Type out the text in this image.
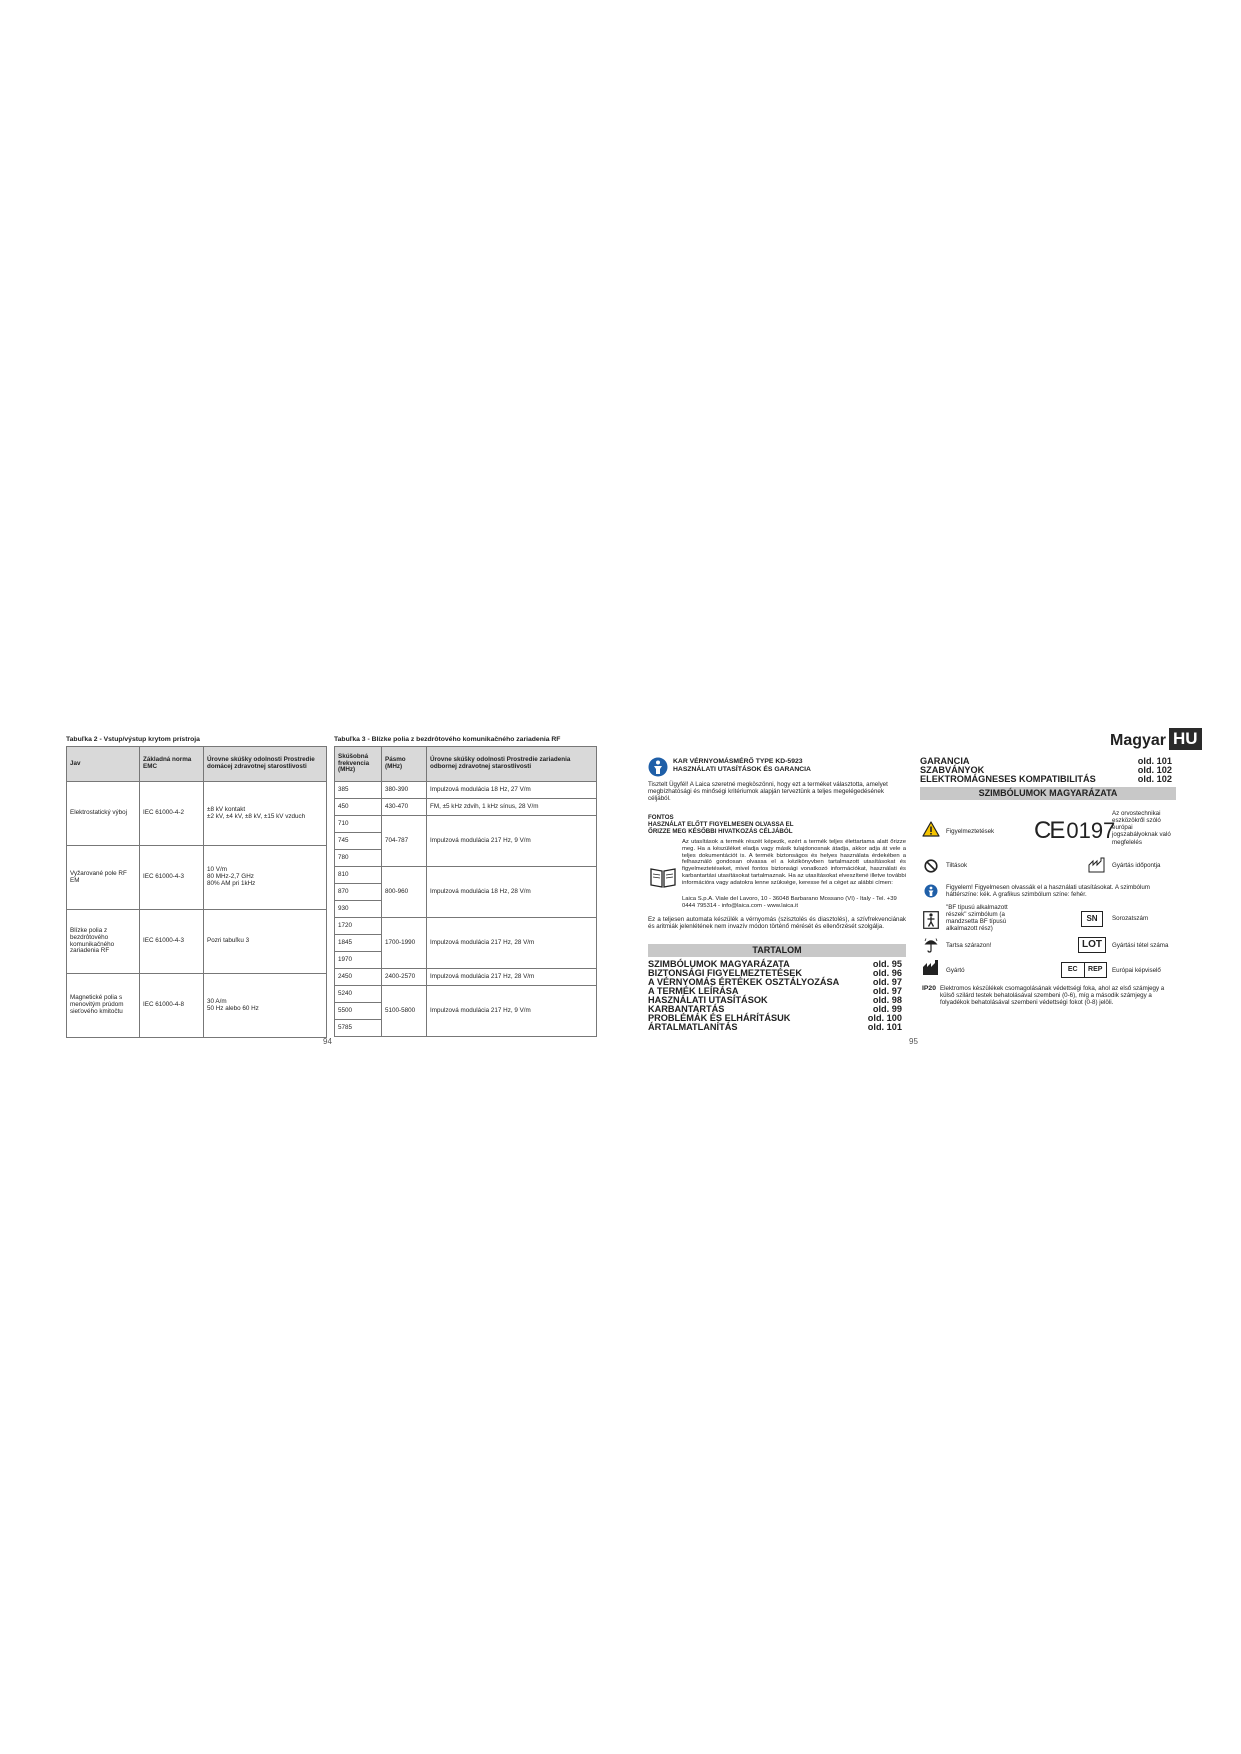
Tabuľka 2 - Vstup/výstup krytom prístroja
Jav	Základná norma EMC	Úrovne skúšky odolnosti Prostredie domácej zdravotnej starostlivosti
Elektrostatický výboj	IEC 61000-4-2	±8 kV kontakt
±2 kV, ±4 kV, ±8 kV, ±15 kV vzduch
Vyžarované pole RF EM	IEC 61000-4-3	10 V/m
80 MHz-2,7 GHz
80% AM pri 1kHz
Blízke polia z bezdrôtového komunikačného zariadenia RF	IEC 61000-4-3	Pozri tabuľku 3
Magnetické polia s menovitým prúdom sieťového kmitočtu	IEC 61000-4-8	30 A/m
50 Hz alebo 60 Hz
Tabuľka 3 - Blízke polia z bezdrôtového komunikačného zariadenia RF
Skúšobná frekvencia (MHz)	Pásmo (MHz)	Úrovne skúšky odolnosti Prostredie zariadenia odbornej zdravotnej starostlivosti
385	380-390	Impulzová modulácia 18 Hz, 27 V/m
450	430-470	FM, ±5 kHz zdvih, 1 kHz sínus, 28 V/m
710	704-787	Impulzová modulácia 217 Hz, 9 V/m
745		
780		
810	800-960	Impulzová modulácia 18 Hz, 28 V/m
870		
930		
1720	1700-1990	Impulzová modulácia 217 Hz, 28 V/m
1845		
1970		
2450	2400-2570	Impulzová modulácia 217 Hz, 28 V/m
5240	5100-5800	Impulzová modulácia 217 Hz, 9 V/m
5500		
5785		
94
Magyar HU
KAR VÉRNYOMÁSMÉRŐ TYPE KD-5923
HASZNÁLATI UTASÍTÁSOK ÉS GARANCIA
Tisztelt Ügyfél! A Laica szeretné megköszönni, hogy ezt a terméket választotta, amelyet megbízhatósági és minőségi kritériumok alapján terveztünk a teljes megelégedésének céljából.
FONTOS
HASZNÁLAT ELŐTT FIGYELMESEN OLVASSA EL
ŐRIZZE MEG KÉSŐBBI HIVATKOZÁS CÉLJÁBÓL
Az utasítások a termék részét képezik, ezért a termék teljes élettartama alatt őrizze meg. Ha a készüléket eladja vagy másik tulajdonosnak átadja, akkor adja át vele a teljes dokumentációt is. A termék biztonságos és helyes használata érdekében a felhasználó gondosan olvassa el a kézikönyvben tartalmazott utasításokat és figyelmeztetéseket, mivel fontos biztonsági vonatkozó információkat, használati és karbantartási utasításokat tartalmaznak. Ha az utasításokat elveszítené illetve további információra vagy adatokra lenne szüksége, keresse fel a céget az alábbi címen:
Laica S.p.A. Viale del Lavoro, 10 - 36048 Barbarano Mossano (VI) - Italy - Tel. +39 0444 795314 - info@laica.com - www.laica.it
Ez a teljesen automata készülék a vérnyomás (szisztolés és diasztolés), a szívfrekvenciának és aritmiák jelenlétének nem invazív módon történő mérését és ellenőrzését szolgálja.
TARTALOM
SZIMBÓLUMOK MAGYARÁZATA	old. 95
BIZTONSÁGI FIGYELMEZTETÉSEK	old. 96
A VÉRNYOMÁS ÉRTÉKEK OSZTÁLYOZÁSA	old. 97
A TERMÉK LEÍRÁSA	old. 97
HASZNÁLATI UTASÍTÁSOK	old. 98
KARBANTARTÁS	old. 99
PROBLÉMÁK ÉS ELHÁRÍTÁSUK	old. 100
ÁRTALMATLANÍTÁS	old. 101
95
GARANCIA	old. 101
SZABVÁNYOK	old. 102
ELEKTROMÁGNESES KOMPATIBILITÁS	old. 102
SZIMBÓLUMOK MAGYARÁZATA
Figyelmeztetések CE 0197
Az orvostechnikai eszközökről szóló európai jogszabályoknak való megfelelés
Tiltások	Gyártás időpontja
Figyelem! Figyelmesen olvassák el a használati utasításokat. A szimbólum háttérszíne: kék. A grafikus szimbólum színe: fehér.
"BF típusú alkalmazott részek" szimbólum (a mandzsetta BF típusú alkalmazott rész)
SN	Sorozatszám
Tartsa szárazon!	LOT	Gyártási tétel száma
Gyártó	EC	REP	Európai képviselő
IP20 Elektromos készülékek csomagolásának védettségi foka, ahol az első számjegy a külső szilárd testek behatolásával szembeni (0-6), míg a második számjegy a folyadékok behatolásával szembeni védettségi fokot (0-8) jelöli.
